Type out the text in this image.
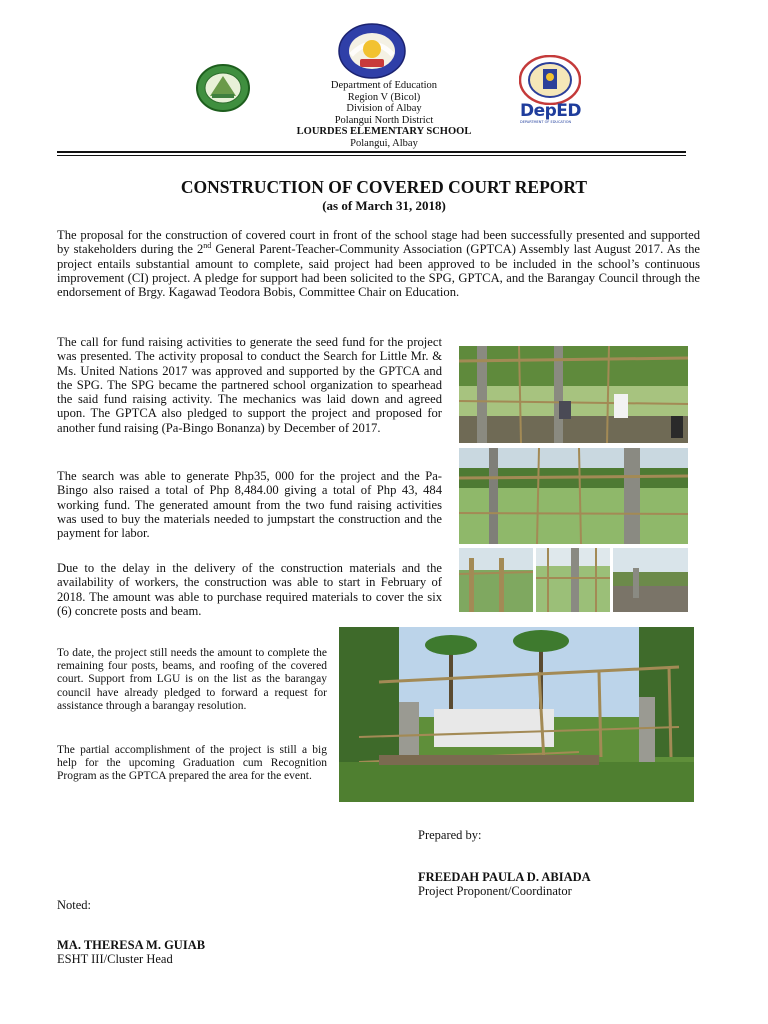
DepED
DEPARTMENT OF EDUCATION
Department of Education
Region V (Bicol)
Division of Albay
Polangui North District
LOURDES ELEMENTARY SCHOOL
Polangui, Albay
CONSTRUCTION OF COVERED COURT REPORT
(as of March 31, 2018)

The proposal for the construction of covered court in front of the school stage had been successfully presented and supported by stakeholders during the 2nd General Parent-Teacher-Community Association (GPTCA) Assembly last August 2017. As the project entails substantial amount to complete, said project had been approved to be included in the school’s continuous improvement (CI) project. A pledge for support had been solicited to the SPG, GPTCA, and the Barangay Council through the endorsement of Brgy. Kagawad Teodora Bobis, Committee Chair on Education.

The call for fund raising activities to generate the seed fund for the project was presented. The activity proposal to conduct the Search for Little Mr. & Ms. United Nations 2017 was approved and supported by the GPTCA and the SPG. The SPG became the partnered school organization to spearhead the said fund raising activity. The mechanics was laid down and agreed upon. The GPTCA also pledged to support the project and proposed for another fund raising (Pa-Bingo Bonanza) by December of 2017.

The search was able to generate Php35, 000 for the project and the Pa-Bingo also raised a total of Php 8,484.00 giving a total of Php 43, 484 working fund. The generated amount from the two fund raising activities was used to buy the materials needed to jumpstart the construction and the payment for labor.

Due to the delay in the delivery of the construction materials and the availability of workers, the construction was able to start in February of 2018. The amount was able to purchase required materials to cover the six (6) concrete posts and beam.

To date, the project still needs the amount to complete the remaining four posts, beams, and roofing of the covered court. Support from LGU is on the list as the barangay council have already pledged to forward a request for assistance through a barangay resolution.

The partial accomplishment of the project is still a big help for the upcoming Graduation cum Recognition Program as the GPTCA prepared the area for the event.

Prepared by:
FREEDAH PAULA D. ABIADA
Project Proponent/Coordinator
Noted:
MA. THERESA M. GUIAB
ESHT III/Cluster Head
